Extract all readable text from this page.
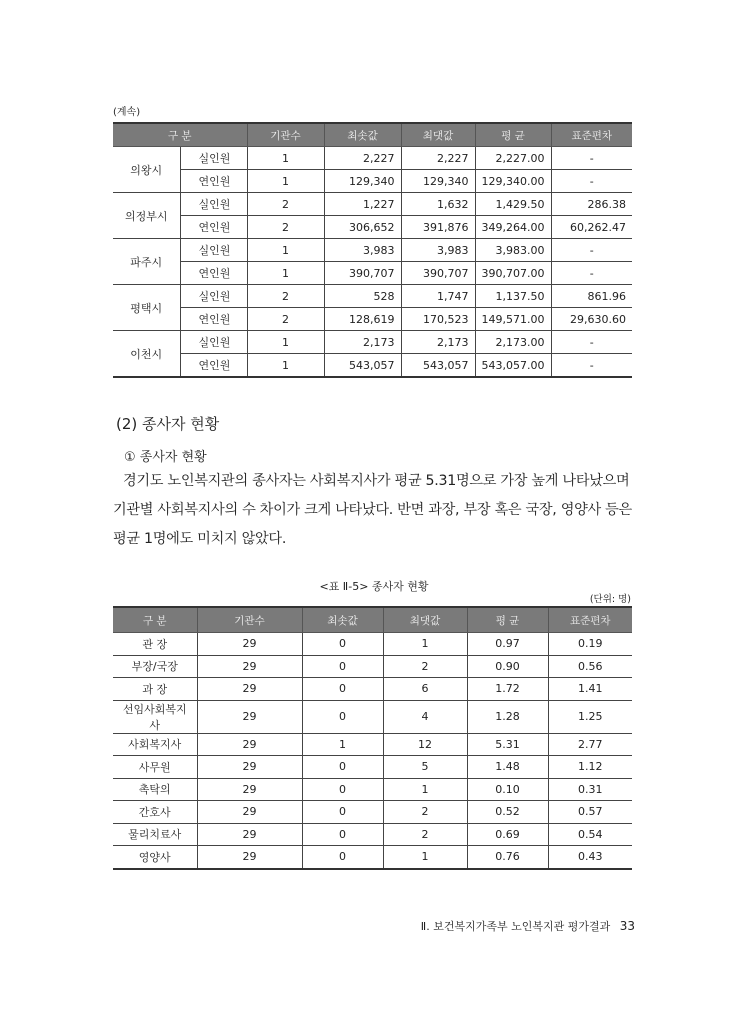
(계속)
구 분		기관수	최솟값	최댓값	평 균	표준편차
의왕시	실인원	1	2,227	2,227	2,227.00	-
	연인원	1	129,340	129,340	129,340.00	-
의정부시	실인원	2	1,227	1,632	1,429.50	286.38
	연인원	2	306,652	391,876	349,264.00	60,262.47
파주시	실인원	1	3,983	3,983	3,983.00	-
	연인원	1	390,707	390,707	390,707.00	-
평택시	실인원	2	528	1,747	1,137.50	861.96
	연인원	2	128,619	170,523	149,571.00	29,630.60
이천시	실인원	1	2,173	2,173	2,173.00	-
	연인원	1	543,057	543,057	543,057.00	-
(2) 종사자 현황
① 종사자 현황
경기도 노인복지관의 종사자는 사회복지사가 평균 5.31명으로 가장 높게 나타났으며 기관별 사회복지사의 수 차이가 크게 나타났다. 반면 과장, 부장 혹은 국장, 영양사 등은 평균 1명에도 미치지 않았다.
<표 Ⅱ-5> 종사자 현황
(단위: 명)
구 분	기관수	최솟값	최댓값	평 균	표준편차
관 장	29	0	1	0.97	0.19
부장/국장	29	0	2	0.90	0.56
과 장	29	0	6	1.72	1.41
선임사회복지사	29	0	4	1.28	1.25
사회복지사	29	1	12	5.31	2.77
사무원	29	0	5	1.48	1.12
촉탁의	29	0	1	0.10	0.31
간호사	29	0	2	0.52	0.57
물리치료사	29	0	2	0.69	0.54
영양사	29	0	1	0.76	0.43
Ⅱ. 보건복지가족부 노인복지관 평가결과 33
